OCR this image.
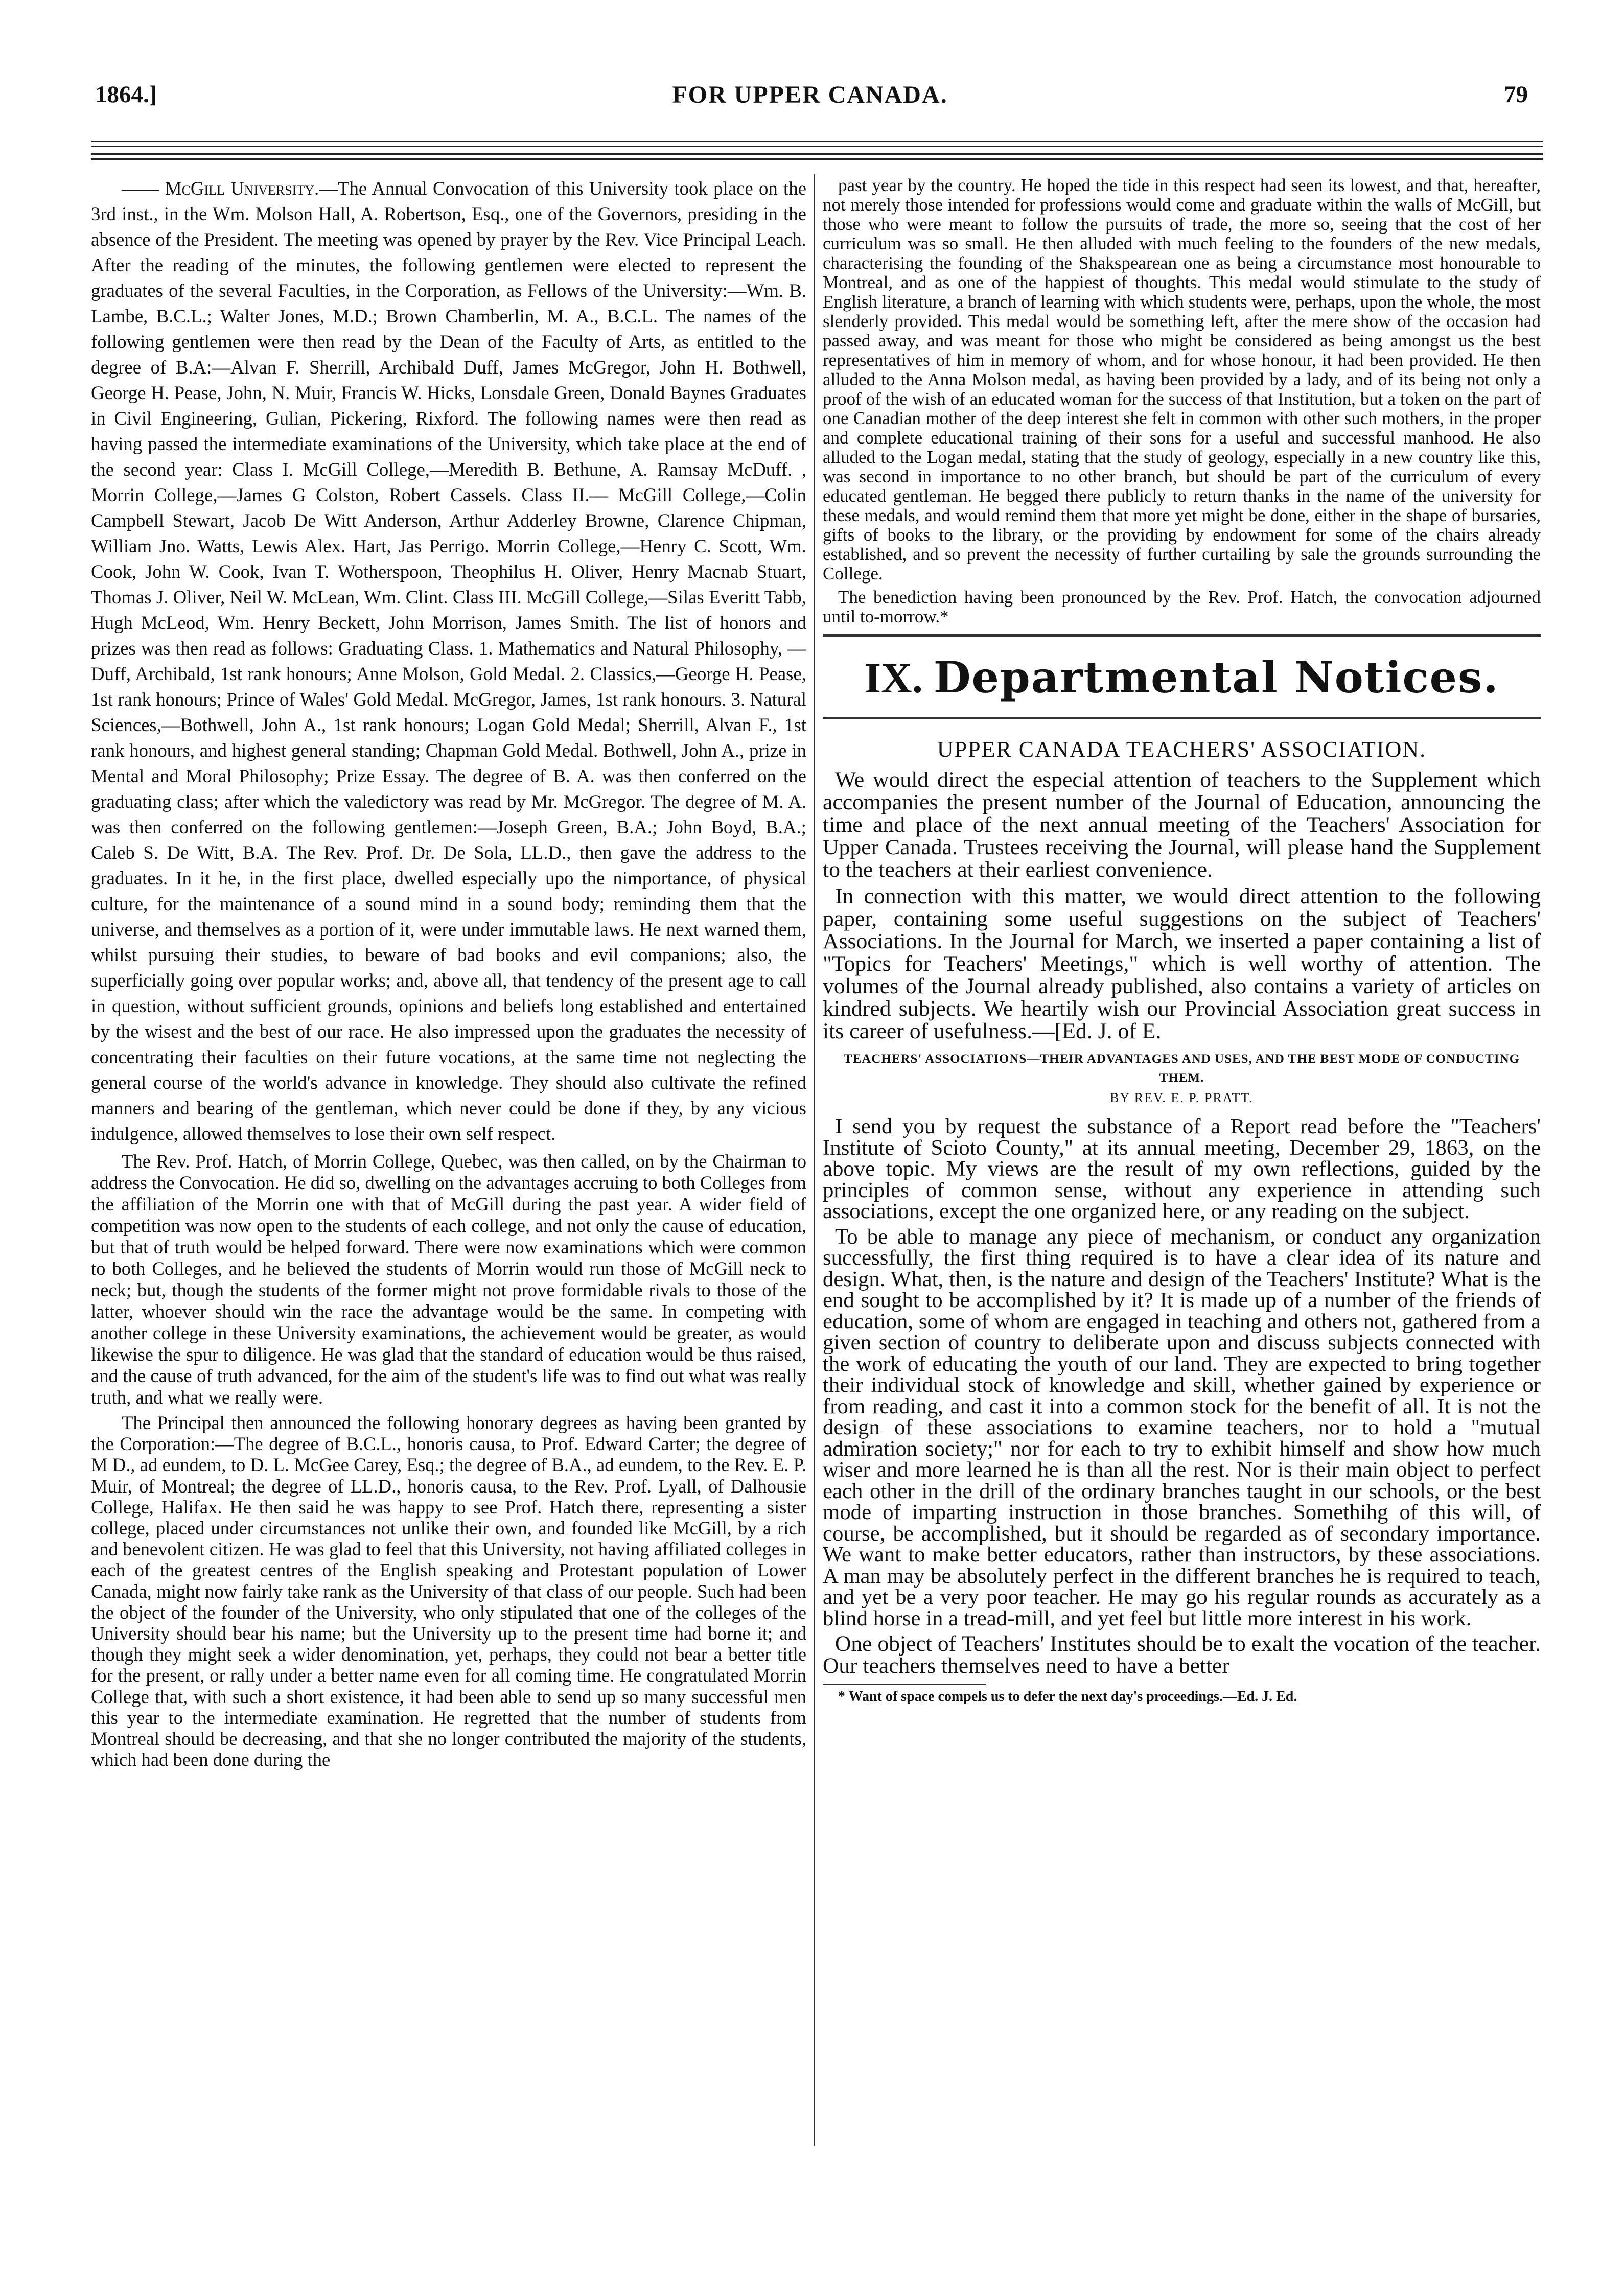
1864.]	FOR UPPER CANADA.	79

—— McGill University.—The Annual Convocation of this University took place on the 3rd inst., in the Wm. Molson Hall, A. Robertson, Esq., one of the Governors, presiding in the absence of the President. The meeting was opened by prayer by the Rev. Vice Principal Leach. After the reading of the minutes, the following gentlemen were elected to represent the graduates of the several Faculties, in the Corporation, as Fellows of the University:—Wm. B. Lambe, B.C.L.; Walter Jones, M.D.; Brown Chamberlin, M. A., B.C.L. The names of the following gentlemen were then read by the Dean of the Faculty of Arts, as entitled to the degree of B.A:—Alvan F. Sherrill, Archibald Duff, James McGregor, John H. Bothwell, George H. Pease, John, N. Muir, Francis W. Hicks, Lonsdale Green, Donald Baynes Graduates in Civil Engineering, Gulian, Pickering, Rixford. The following names were then read as having passed the intermediate examinations of the University, which take place at the end of the second year: Class I. McGill College,—Meredith B. Bethune, A. Ramsay McDuff. , Morrin College,—James G Colston, Robert Cassels. Class II.— McGill College,—Colin Campbell Stewart, Jacob De Witt Anderson, Arthur Adderley Browne, Clarence Chipman, William Jno. Watts, Lewis Alex. Hart, Jas Perrigo. Morrin College,—Henry C. Scott, Wm. Cook, John W. Cook, Ivan T. Wotherspoon, Theophilus H. Oliver, Henry Macnab Stuart, Thomas J. Oliver, Neil W. McLean, Wm. Clint. Class III. McGill College,—Silas Everitt Tabb, Hugh McLeod, Wm. Henry Beckett, John Morrison, James Smith. The list of honors and prizes was then read as follows: Graduating Class. 1. Mathematics and Natural Philosophy, —Duff, Archibald, 1st rank honours; Anne Molson, Gold Medal. 2. Classics,—George H. Pease, 1st rank honours; Prince of Wales' Gold Medal. McGregor, James, 1st rank honours. 3. Natural Sciences,—Bothwell, John A., 1st rank honours; Logan Gold Medal; Sherrill, Alvan F., 1st rank honours, and highest general standing; Chapman Gold Medal. Bothwell, John A., prize in Mental and Moral Philosophy; Prize Essay. The degree of B. A. was then conferred on the graduating class; after which the valedictory was read by Mr. McGregor. The degree of M. A. was then conferred on the following gentlemen:—Joseph Green, B.A.; John Boyd, B.A.; Caleb S. De Witt, B.A. The Rev. Prof. Dr. De Sola, LL.D., then gave the address to the graduates. In it he, in the first place, dwelled especially upo the nimportance, of physical culture, for the maintenance of a sound mind in a sound body; reminding them that the universe, and themselves as a portion of it, were under immutable laws. He next warned them, whilst pursuing their studies, to beware of bad books and evil companions; also, the superficially going over popular works; and, above all, that tendency of the present age to call in question, without sufficient grounds, opinions and beliefs long established and entertained by the wisest and the best of our race. He also impressed upon the graduates the necessity of concentrating their faculties on their future vocations, at the same time not neglecting the general course of the world's advance in knowledge. They should also cultivate the refined manners and bearing of the gentleman, which never could be done if they, by any vicious indulgence, allowed themselves to lose their own self respect.

The Rev. Prof. Hatch, of Morrin College, Quebec, was then called, on by the Chairman to address the Convocation. He did so, dwelling on the advantages accruing to both Colleges from the affiliation of the Morrin one with that of McGill during the past year. A wider field of competition was now open to the students of each college, and not only the cause of education, but that of truth would be helped forward. There were now examinations which were common to both Colleges, and he believed the students of Morrin would run those of McGill neck to neck; but, though the students of the former might not prove formidable rivals to those of the latter, whoever should win the race the advantage would be the same. In competing with another college in these University examinations, the achievement would be greater, as would likewise the spur to diligence. He was glad that the standard of education would be thus raised, and the cause of truth advanced, for the aim of the student's life was to find out what was really truth, and what we really were.

The Principal then announced the following honorary degrees as having been granted by the Corporation:—The degree of B.C.L., honoris causa, to Prof. Edward Carter; the degree of M D., ad eundem, to D. L. McGee Carey, Esq.; the degree of B.A., ad eundem, to the Rev. E. P. Muir, of Montreal; the degree of LL.D., honoris causa, to the Rev. Prof. Lyall, of Dalhousie College, Halifax. He then said he was happy to see Prof. Hatch there, representing a sister college, placed under circumstances not unlike their own, and founded like McGill, by a rich and benevolent citizen. He was glad to feel that this University, not having affiliated colleges in each of the greatest centres of the English speaking and Protestant population of Lower Canada, might now fairly take rank as the University of that class of our people. Such had been the object of the founder of the University, who only stipulated that one of the colleges of the University should bear his name; but the University up to the present time had borne it; and though they might seek a wider denomination, yet, perhaps, they could not bear a better title for the present, or rally under a better name even for all coming time. He congratulated Morrin College that, with such a short existence, it had been able to send up so many successful men this year to the intermediate examination. He regretted that the number of students from Montreal should be decreasing, and that she no longer contributed the majority of the students, which had been done during the

past year by the country. He hoped the tide in this respect had seen its lowest, and that, hereafter, not merely those intended for professions would come and graduate within the walls of McGill, but those who were meant to follow the pursuits of trade, the more so, seeing that the cost of her curriculum was so small. He then alluded with much feeling to the founders of the new medals, characterising the founding of the Shakspearean one as being a circumstance most honourable to Montreal, and as one of the happiest of thoughts. This medal would stimulate to the study of English literature, a branch of learning with which students were, perhaps, upon the whole, the most slenderly provided. This medal would be something left, after the mere show of the occasion had passed away, and was meant for those who might be considered as being amongst us the best representatives of him in memory of whom, and for whose honour, it had been provided. He then alluded to the Anna Molson medal, as having been provided by a lady, and of its being not only a proof of the wish of an educated woman for the success of that Institution, but a token on the part of one Canadian mother of the deep interest she felt in common with other such mothers, in the proper and complete educational training of their sons for a useful and successful manhood. He also alluded to the Logan medal, stating that the study of geology, especially in a new country like this, was second in importance to no other branch, but should be part of the curriculum of every educated gentleman. He begged there publicly to return thanks in the name of the university for these medals, and would remind them that more yet might be done, either in the shape of bursaries, gifts of books to the library, or the providing by endowment for some of the chairs already established, and so prevent the necessity of further curtailing by sale the grounds surrounding the College.

The benediction having been pronounced by the Rev. Prof. Hatch, the convocation adjourned until to-morrow.*

IX. Departmental Notices.
UPPER CANADA TEACHERS' ASSOCIATION.

We would direct the especial attention of teachers to the Supplement which accompanies the present number of the Journal of Education, announcing the time and place of the next annual meeting of the Teachers' Association for Upper Canada. Trustees receiving the Journal, will please hand the Supplement to the teachers at their earliest convenience.

In connection with this matter, we would direct attention to the following paper, containing some useful suggestions on the subject of Teachers' Associations. In the Journal for March, we inserted a paper containing a list of "Topics for Teachers' Meetings," which is well worthy of attention. The volumes of the Journal already published, also contains a variety of articles on kindred subjects. We heartily wish our Provincial Association great success in its career of usefulness.—[Ed. J. of E.

TEACHERS' ASSOCIATIONS—THEIR ADVANTAGES AND USES, AND THE BEST MODE OF CONDUCTING THEM.
BY REV. E. P. PRATT.

I send you by request the substance of a Report read before the "Teachers' Institute of Scioto County," at its annual meeting, December 29, 1863, on the above topic. My views are the result of my own reflections, guided by the principles of common sense, without any experience in attending such associations, except the one organized here, or any reading on the subject.

To be able to manage any piece of mechanism, or conduct any organization successfully, the first thing required is to have a clear idea of its nature and design. What, then, is the nature and design of the Teachers' Institute? What is the end sought to be accomplished by it? It is made up of a number of the friends of education, some of whom are engaged in teaching and others not, gathered from a given section of country to deliberate upon and discuss subjects connected with the work of educating the youth of our land. They are expected to bring together their individual stock of knowledge and skill, whether gained by experience or from reading, and cast it into a common stock for the benefit of all. It is not the design of these associations to examine teachers, nor to hold a "mutual admiration society;" nor for each to try to exhibit himself and show how much wiser and more learned he is than all the rest. Nor is their main object to perfect each other in the drill of the ordinary branches taught in our schools, or the best mode of imparting instruction in those branches. Somethihg of this will, of course, be accomplished, but it should be regarded as of secondary importance. We want to make better educators, rather than instructors, by these associations. A man may be absolutely perfect in the different branches he is required to teach, and yet be a very poor teacher. He may go his regular rounds as accurately as a blind horse in a tread-mill, and yet feel but little more interest in his work.

One object of Teachers' Institutes should be to exalt the vocation of the teacher. Our teachers themselves need to have a better

* Want of space compels us to defer the next day's proceedings.—Ed. J. Ed.
